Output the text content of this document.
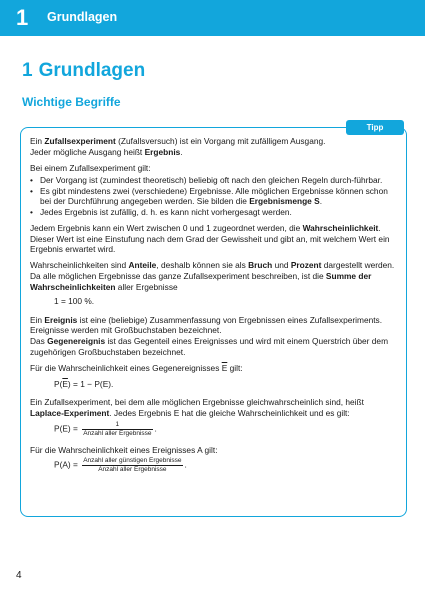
1 Grundlagen
1 Grundlagen
Wichtige Begriffe
Tipp

Ein Zufallsexperiment (Zufallsversuch) ist ein Vorgang mit zufälligem Ausgang.
Jeder mögliche Ausgang heißt Ergebnis.

Bei einem Zufallsexperiment gilt:

• Der Vorgang ist (zumindest theoretisch) beliebig oft nach den gleichen Regeln durch-führbar.
• Es gibt mindestens zwei (verschiedene) Ergebnisse. Alle möglichen Ergebnisse können schon bei der Durchführung angegeben werden. Sie bilden die Ergebnismenge S.
• Jedes Ergebnis ist zufällig, d. h. es kann nicht vorhergesagt werden.

Jedem Ergebnis kann ein Wert zwischen 0 und 1 zugeordnet werden, die Wahrscheinlichkeit. Dieser Wert ist eine Einstufung nach dem Grad der Gewissheit und gibt an, mit welchem Wert ein Ergebnis erwartet wird.

Wahrscheinlichkeiten sind Anteile, deshalb können sie als Bruch und Prozent dargestellt werden. Da alle möglichen Ergebnisse das ganze Zufallsexperiment beschreiben, ist die Summe der Wahrscheinlichkeiten aller Ergebnisse

1 = 100 %.

Ein Ereignis ist eine (beliebige) Zusammenfassung von Ergebnissen eines Zufallsexperiments. Ereignisse werden mit Großbuchstaben bezeichnet.
Das Gegenereignis ist das Gegenteil eines Ereignisses und wird mit einem Querstrich über dem zugehörigen Großbuchstaben bezeichnet.

Für die Wahrscheinlichkeit eines Gegenereignisses $\overline{E}$ gilt:

$P(\overline{E}) = 1 - P(E)$.

Ein Zufallsexperiment, bei dem alle möglichen Ergebnisse gleichwahrscheinlich sind, heißt Laplace-Experiment. Jedes Ergebnis E hat die gleiche Wahrscheinlichkeit und es gilt:

$P(E) = \frac{1}{\text{Anzahl aller Ergebnisse}}$ .

Für die Wahrscheinlichkeit eines Ereignisses A gilt:

$P(A) = \frac{\text{Anzahl aller günstigen Ergebnisse}}{\text{Anzahl aller Ergebnisse}}$ .
4
